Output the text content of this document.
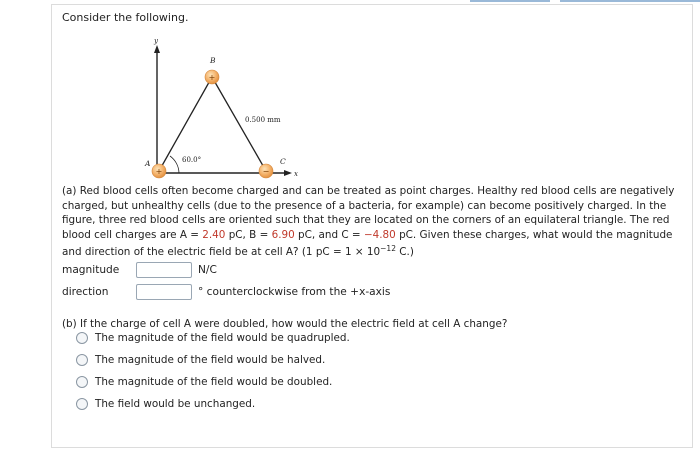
Consider the following.
y
x
60.0°
0.500 mm
+
+
−
A
B
C
(a) Red blood cells often become charged and can be treated as point charges. Healthy red blood cells are negatively charged, but unhealthy cells (due to the presence of a bacteria, for example) can become positively charged. In the figure, three red blood cells are oriented such that they are located on the corners of an equilateral triangle. The red blood cell charges are A = 2.40 pC, B = 6.90 pC, and C = −4.80 pC. Given these charges, what would the magnitude and direction of the electric field be at cell A? (1 pC = $1 \times 10^{-12}$ C.)
magnitude	N/C
direction	° counterclockwise from the +x-axis
(b) If the charge of cell A were doubled, how would the electric field at cell A change?
The magnitude of the field would be quadrupled.
The magnitude of the field would be halved.
The magnitude of the field would be doubled.
The field would be unchanged.
